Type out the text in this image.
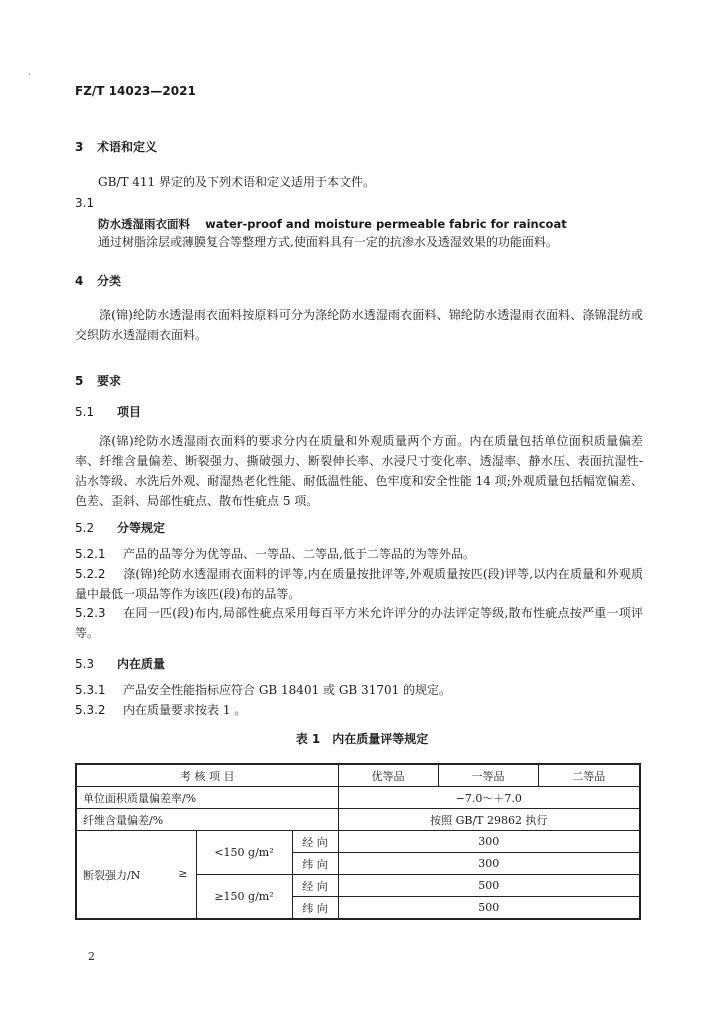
·
FZ/T 14023—2021
3 术语和定义
GB/T 411 界定的及下列术语和定义适用于本文件。
3.1
防水透湿雨衣面料 water-proof and moisture permeable fabric for raincoat
通过树脂涂层或薄膜复合等整理方式,使面料具有一定的抗渗水及透湿效果的功能面料。
4 分类
涤(锦)纶防水透湿雨衣面料按原料可分为涤纶防水透湿雨衣面料、锦纶防水透湿雨衣面料、涤锦混纺或交织防水透湿雨衣面料。
5 要求
5.1 项目
涤(锦)纶防水透湿雨衣面料的要求分内在质量和外观质量两个方面。内在质量包括单位面积质量偏差率、纤维含量偏差、断裂强力、撕破强力、断裂伸长率、水浸尺寸变化率、透湿率、静水压、表面抗湿性-沾水等级、水洗后外观、耐湿热老化性能、耐低温性能、色牢度和安全性能 14 项;外观质量包括幅宽偏差、色差、歪斜、局部性疵点、散布性疵点 5 项。
5.2 分等规定
5.2.1 产品的品等分为优等品、一等品、二等品,低于二等品的为等外品。
5.2.2 涤(锦)纶防水透湿雨衣面料的评等,内在质量按批评等,外观质量按匹(段)评等,以内在质量和外观质量中最低一项品等作为该匹(段)布的品等。
5.2.3 在同一匹(段)布内,局部性疵点采用每百平方米允许评分的办法评定等级,散布性疵点按严重一项评等。
5.3 内在质量
5.3.1 产品安全性能指标应符合 GB 18401 或 GB 31701 的规定。
5.3.2 内在质量要求按表 1 。
表 1　内在质量评等规定
考 核 项 目			优等品	一等品	二等品
单位面积质量偏差率/%			−7.0～＋7.0		
纤维含量偏差/%			按照 GB/T 29862 执行		
断裂强力/N ≥	<150 g/m²	经 向	300		
		纬 向	300		
	≥150 g/m²	经 向	500		
		纬 向	500		
2
